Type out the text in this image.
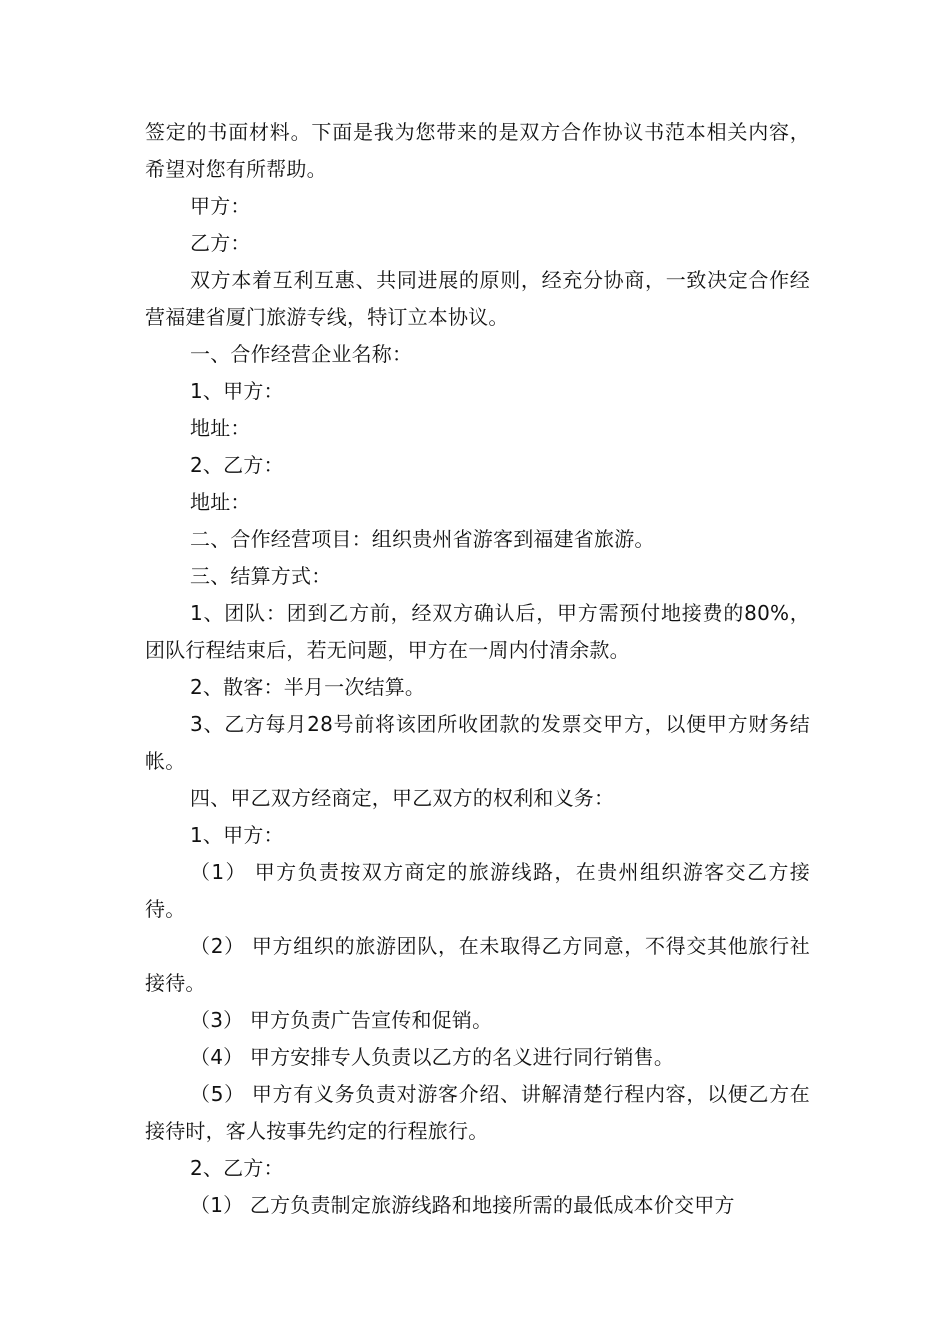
签定的书面材料。下面是我为您带来的是双方合作协议书范本相关内容，希望对您有所帮助。

甲方：

乙方：

双方本着互利互惠、共同进展的原则，经充分协商，一致决定合作经营福建省厦门旅游专线，特订立本协议。

一、合作经营企业名称：

1、甲方：

地址：

2、乙方：

地址：

二、合作经营项目：组织贵州省游客到福建省旅游。

三、结算方式：

1、团队：团到乙方前，经双方确认后，甲方需预付地接费的80%，团队行程结束后，若无问题，甲方在一周内付清余款。

2、散客：半月一次结算。

3、乙方每月28号前将该团所收团款的发票交甲方，以便甲方财务结帐。

四、甲乙双方经商定，甲乙双方的权利和义务：

1、甲方：

（1） 甲方负责按双方商定的旅游线路，在贵州组织游客交乙方接待。

（2） 甲方组织的旅游团队，在未取得乙方同意，不得交其他旅行社接待。

（3） 甲方负责广告宣传和促销。

（4） 甲方安排专人负责以乙方的名义进行同行销售。

（5） 甲方有义务负责对游客介绍、讲解清楚行程内容，以便乙方在接待时，客人按事先约定的行程旅行。

2、乙方：

（1） 乙方负责制定旅游线路和地接所需的最低成本价交甲方
